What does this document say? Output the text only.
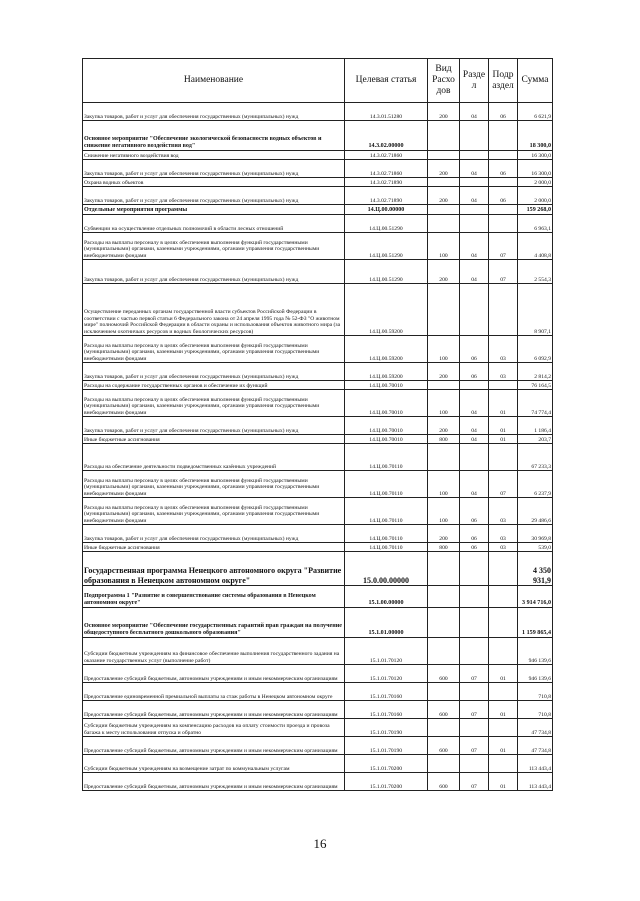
Наименование	Целевая статья	Вид Расхо дов	Разде л	Подр аздел	Сумма
Закупка товаров, работ и услуг для обеспечения государственных (муниципальных) нужд	14.3.01.51280	200	04	06	6 621,9
Основное мероприятие "Обеспечение экологической безопасности водных объектов и снижение негативного воздействия вод"	14.3.02.00000				18 300,0
Снижение негативного воздействия вод	14.3.02.71860				16 300,0
Закупка товаров, работ и услуг для обеспечения государственных (муниципальных) нужд	14.3.02.71860	200	04	06	16 300,0
Охрана водных объектов	14.3.02.71890				2 000,0
Закупка товаров, работ и услуг для обеспечения государственных (муниципальных) нужд	14.3.02.71890	200	04	06	2 000,0
Отдельные мероприятия программы	14.Ц.00.00000				159 268,0
Субвенции на осуществление отдельных полномочий в области лесных отношений	14.Ц.00.51290				6 963,1
Расходы на выплаты персоналу в целях обеспечения выполнения функций государственными (муниципальными) органами, казенными учреждениями, органами управления государственными внебюджетными фондами	14.Ц.00.51290	100	04	07	4 408,8
Закупка товаров, работ и услуг для обеспечения государственных (муниципальных) нужд	14.Ц.00.51290	200	04	07	2 554,3
Осуществление переданных органам государственной власти субъектов Российской Федерации в соответствии с частью первой статьи 6 Федерального закона от 24 апреля 1995 года № 52-ФЗ "О животном мире" полномочий Российской Федерации в области охраны и использования объектов животного мира (за исключением охотничьих ресурсов и водных биологических ресурсов)	14.Ц.00.59200				8 907,1
Расходы на выплаты персоналу в целях обеспечения выполнения функций государственными (муниципальными) органами, казенными учреждениями, органами управления государственными внебюджетными фондами	14.Ц.00.59200	100	06	03	6 092,9
Закупка товаров, работ и услуг для обеспечения государственных (муниципальных) нужд	14.Ц.00.59200	200	06	03	2 814,2
Расходы на содержание государственных органов и обеспечение их функций	14.Ц.00.70010				76 164,5
Расходы на выплаты персоналу в целях обеспечения выполнения функций государственными (муниципальными) органами, казенными учреждениями, органами управления государственными внебюджетными фондами	14.Ц.00.70010	100	04	01	74 774,4
Закупка товаров, работ и услуг для обеспечения государственных (муниципальных) нужд	14.Ц.00.70010	200	04	01	1 186,4
Иные бюджетные ассигнования	14.Ц.00.70010	800	04	01	203,7
Расходы на обеспечение деятельности подведомственных казённых учреждений	14.Ц.00.70110				67 233,3
Расходы на выплаты персоналу в целях обеспечения выполнения функций государственными (муниципальными) органами, казенными учреждениями, органами управления государственными внебюджетными фондами	14.Ц.00.70110	100	04	07	6 237,9
Расходы на выплаты персоналу в целях обеспечения выполнения функций государственными (муниципальными) органами, казенными учреждениями, органами управления государственными внебюджетными фондами	14.Ц.00.70110	100	06	03	29 486,6
Закупка товаров, работ и услуг для обеспечения государственных (муниципальных) нужд	14.Ц.00.70110	200	06	03	30 969,8
Иные бюджетные ассигнования	14.Ц.00.70110	800	06	03	539,0
Государственная программа Ненецкого автономного округа "Развитие образования в Ненецком автономном округе"	15.0.00.00000				4 350 931,9
Подпрограмма 1 "Развитие и совершенствование системы образования в Ненецком автономном округе"	15.1.00.00000				3 914 716,0
Основное мероприятие "Обеспечение государственных гарантий прав граждан на получение общедоступного бесплатного дошкольного образования"	15.1.01.00000				1 159 865,4
Субсидии бюджетным учреждениям на финансовое обеспечение выполнения государственного задания на оказание государственных услуг (выполнение работ)	15.1.01.70120				946 139,6
Предоставление субсидий бюджетным, автономным учреждениям и иным некоммерческим организациям	15.1.01.70120	600	07	01	946 139,6
Предоставление единовременной премиальной выплаты за стаж работы в Ненецком автономном округе	15.1.01.70160				710,8
Предоставление субсидий бюджетным, автономным учреждениям и иным некоммерческим организациям	15.1.01.70160	600	07	01	710,8
Субсидии бюджетным учреждениям на компенсацию расходов на оплату стоимости проезда и провоза багажа к месту использования отпуска и обратно	15.1.01.70190				47 734,8
Предоставление субсидий бюджетным, автономным учреждениям и иным некоммерческим организациям	15.1.01.70190	600	07	01	47 734,8
Субсидии бюджетным учреждениям на возмещение затрат по коммунальным услугам	15.1.01.70200				113 443,4
Предоставление субсидий бюджетным, автономным учреждениям и иным некоммерческим организациям	15.1.01.70200	600	07	01	113 443,4
16
